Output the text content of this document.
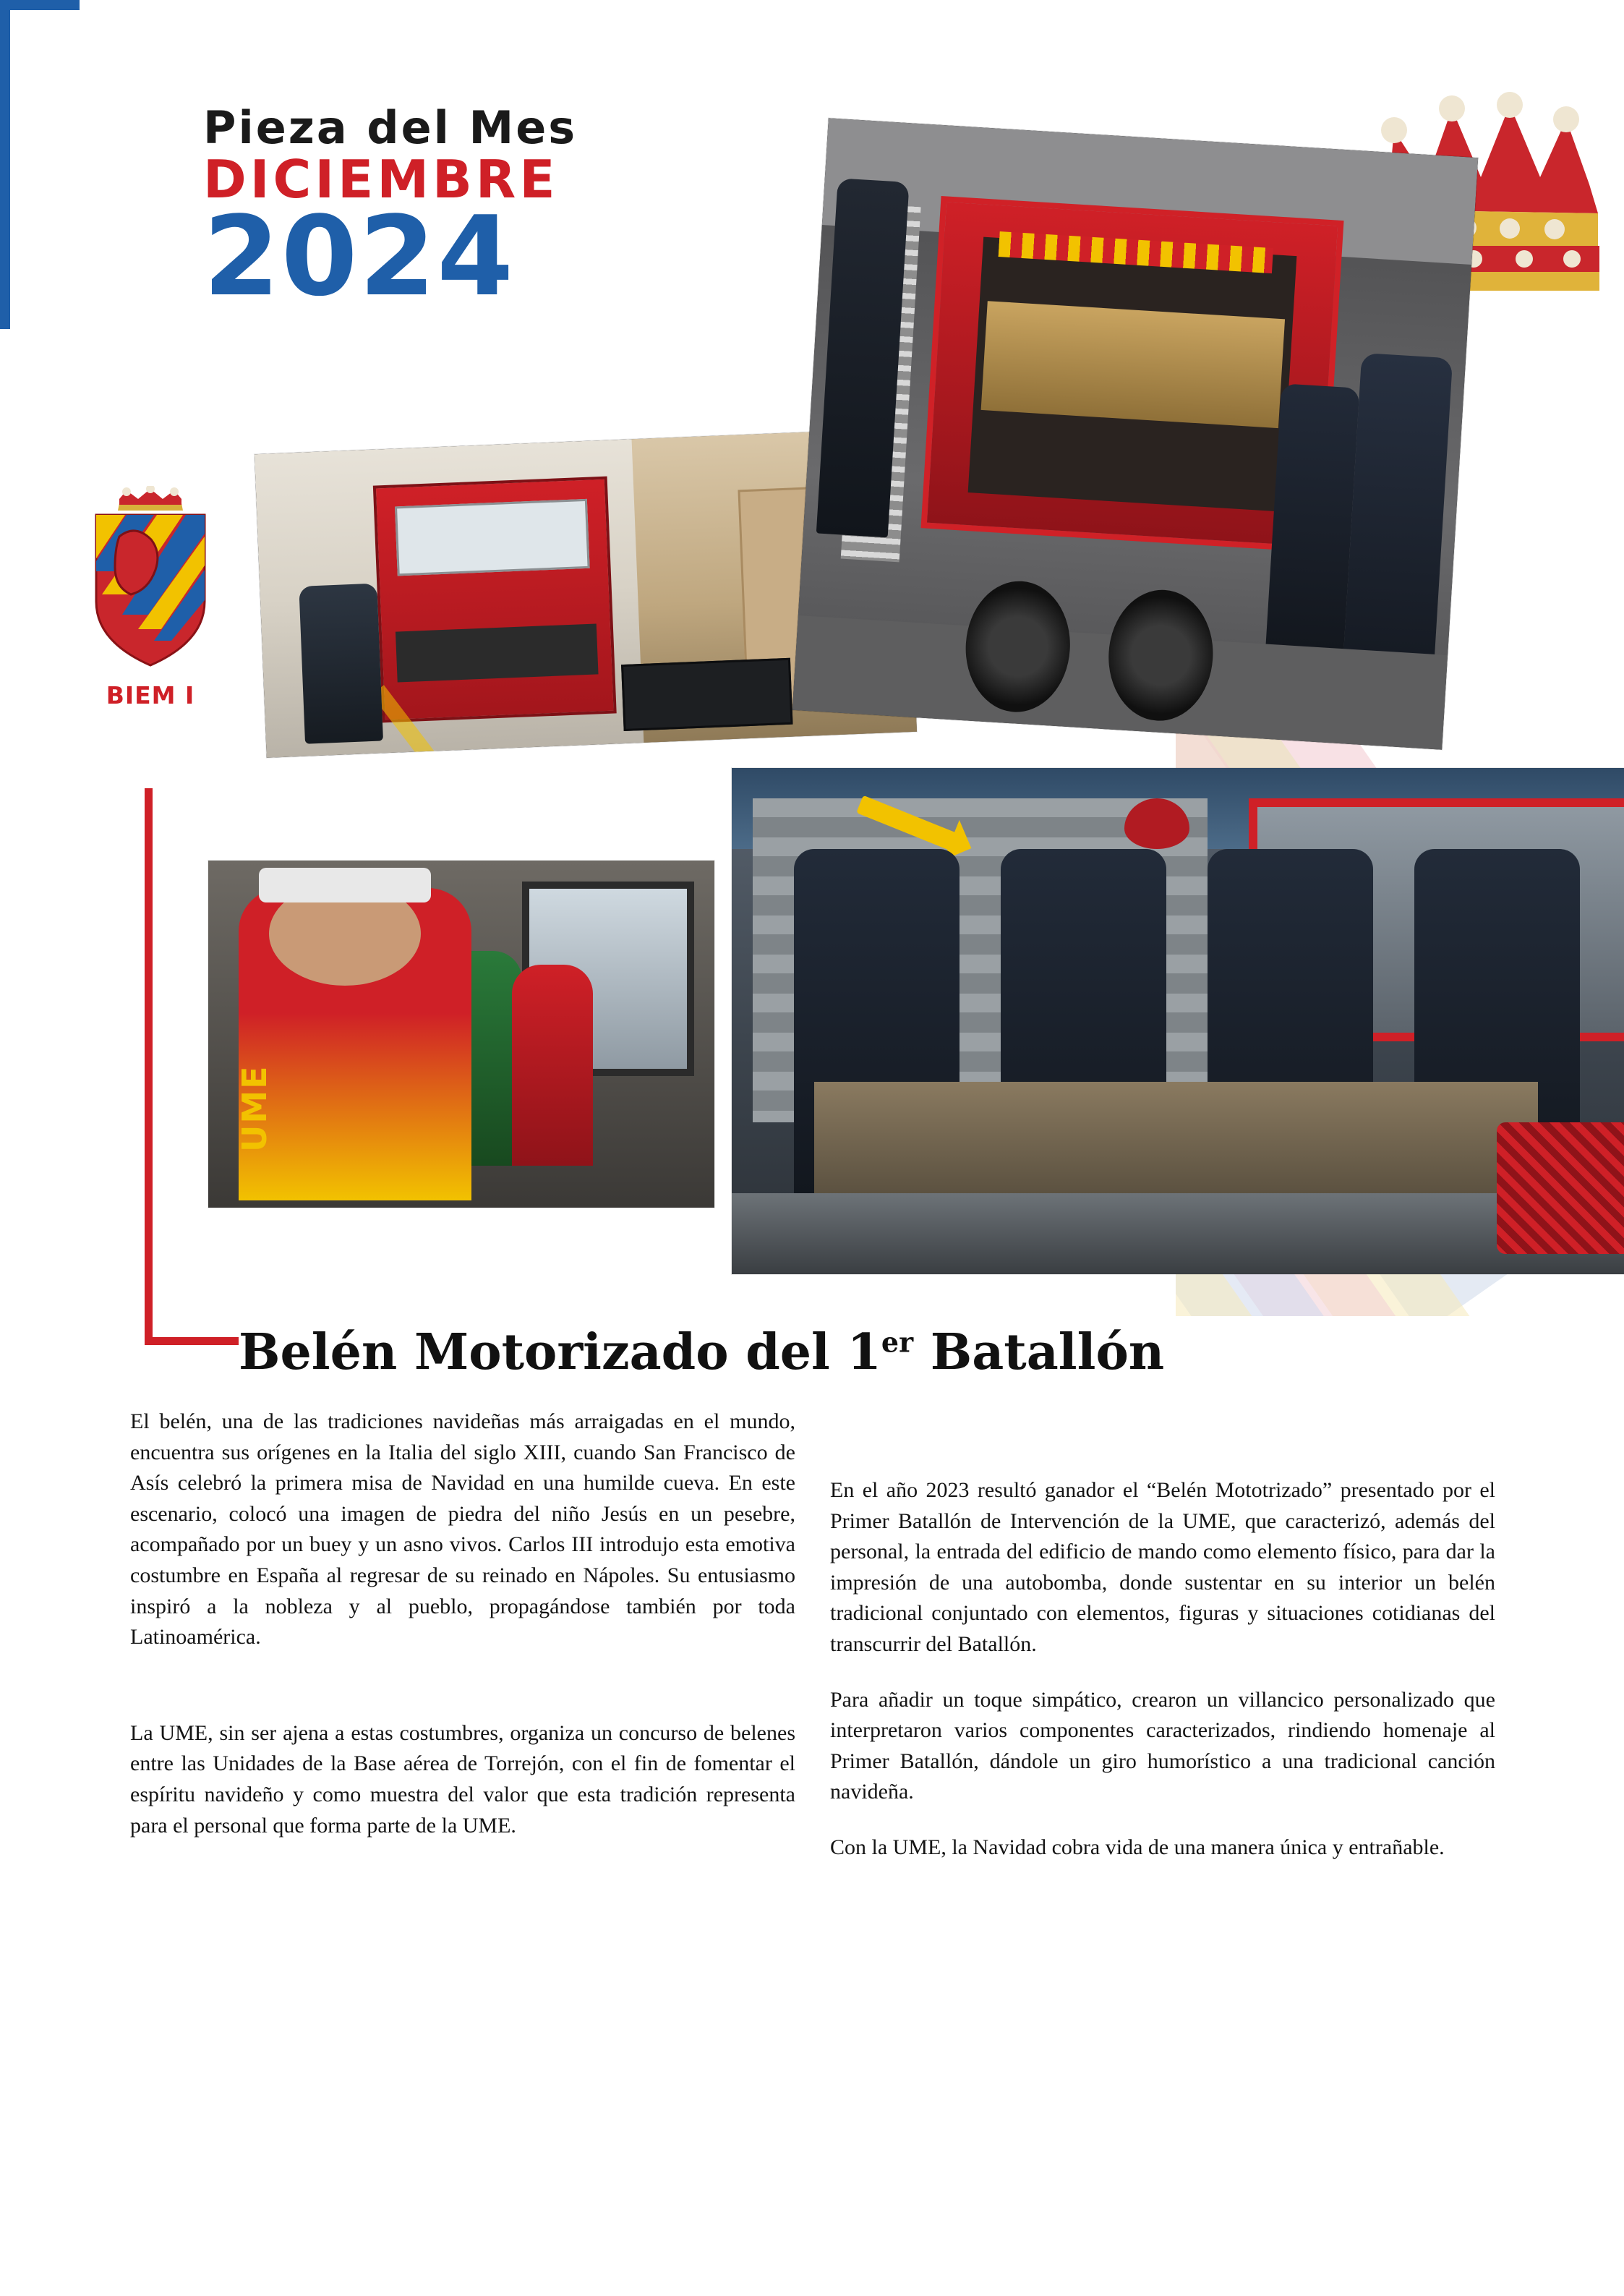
Pieza del Mes
DICIEMBRE
2024
BIEM I
UME
Belén Motorizado del 1er Batallón

El belén, una de las tradiciones navideñas más arraigadas en el mundo, encuentra sus orígenes en la Italia del siglo XIII, cuando San Francisco de Asís celebró la primera misa de Navidad en una humilde cueva. En este escenario, colocó una imagen de piedra del niño Jesús en un pesebre, acompañado por un buey y un asno vivos. Carlos III introdujo esta emotiva costumbre en España al regresar de su reinado en Nápoles. Su entusiasmo inspiró a la nobleza y al pueblo, propagándose también por toda Latinoamérica.

La UME, sin ser ajena a estas costumbres, organiza un concurso de belenes entre las Unidades de la Base aérea de Torrejón, con el fin de fomentar el espíritu navideño y como muestra del valor que esta tradición representa para el personal que forma parte de la UME.

En el año 2023 resultó ganador el “Belén Mototrizado” presentado por el Primer Batallón de Intervención de la UME, que caracterizó, además del personal, la entrada del edificio de mando como elemento físico, para dar la impresión de una autobomba, donde sustentar en su interior un belén tradicional conjuntado con elementos, figuras y situaciones cotidianas del transcurrir del Batallón.

Para añadir un toque simpático, crearon un villancico personalizado que interpretaron varios componentes caracterizados, rindiendo homenaje al Primer Batallón, dándole un giro humorístico a una tradicional canción navideña.

Con la UME, la Navidad cobra vida de una manera única y entrañable.
